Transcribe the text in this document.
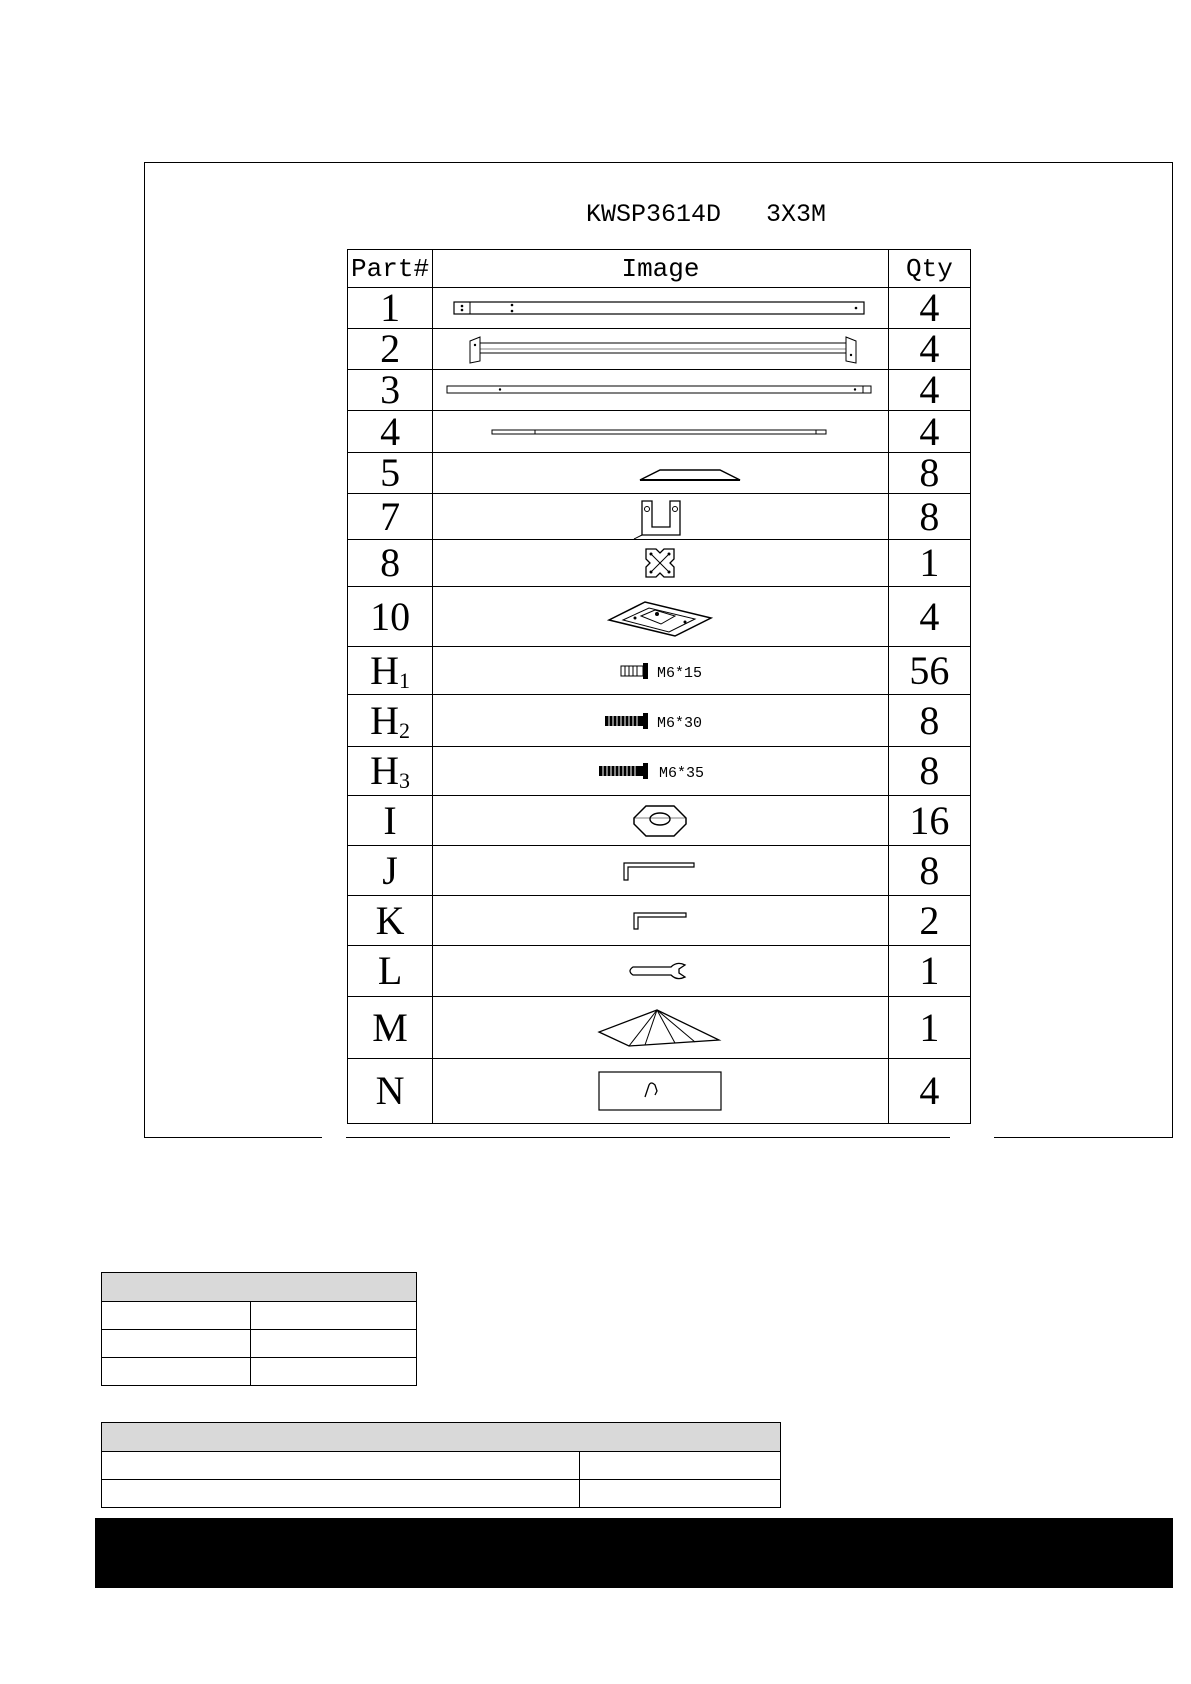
KWSP3614D   3X3M
Part#	Image	Qty
1		4
2		4
3		4
4		4
5		8
7		8
8		1
10		4
$H_1$	M6*15	56
$H_2$	M6*30	8
$H_3$	M6*35	8
I		16
J		8
K		2
L		1
M		1
N		4
